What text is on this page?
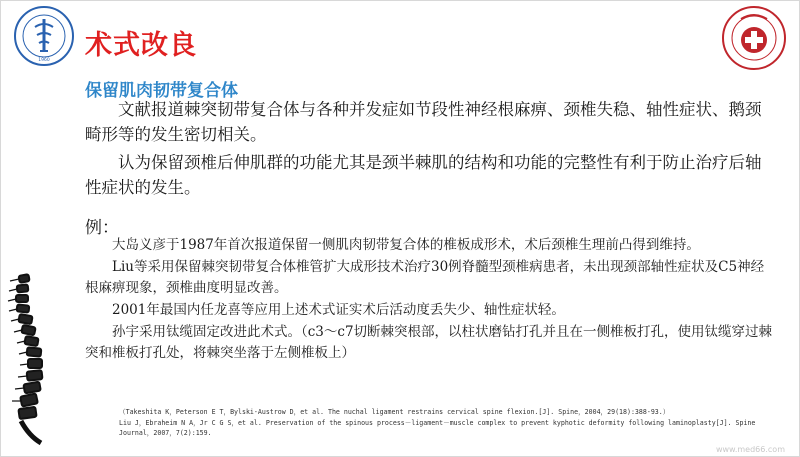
1960 术式改良
保留肌肉韧带复合体

文献报道棘突韧带复合体与各种并发症如节段性神经根麻痹、颈椎失稳、轴性症状、鹅颈畸形等的发生密切相关。

认为保留颈椎后伸肌群的功能尤其是颈半棘肌的结构和功能的完整性有利于防止治疗后轴性症状的发生。

例：

大岛义彦于1987年首次报道保留一侧肌肉韧带复合体的椎板成形术，术后颈椎生理前凸得到维持。

Liu等采用保留棘突韧带复合体椎管扩大成形技术治疗30例脊髓型颈椎病患者，未出现颈部轴性症状及C5神经根麻痹现象，颈椎曲度明显改善。

2001年最国内任龙喜等应用上述术式证实术后活动度丢失少、轴性症状轻。

孙宇采用钛缆固定改进此术式。（c3～c7切断棘突根部，以柱状磨钻打孔并且在一侧椎板打孔，使用钛缆穿过棘突和椎板打孔处，将棘突坐落于左侧椎板上）

（Takeshita K，Peterson E T，Bylski-Austrow D，et al. The nuchal ligament restrains cervical spine flexion.[J]. Spine，2004，29(18):388-93.）

Liu J，Ebraheim N A，Jr C G S，et al. Preservation of the spinous process－ligament－muscle complex to prevent kyphotic deformity following laminoplasty[J]. Spine Journal，2007，7(2):159.

www.med66.com
